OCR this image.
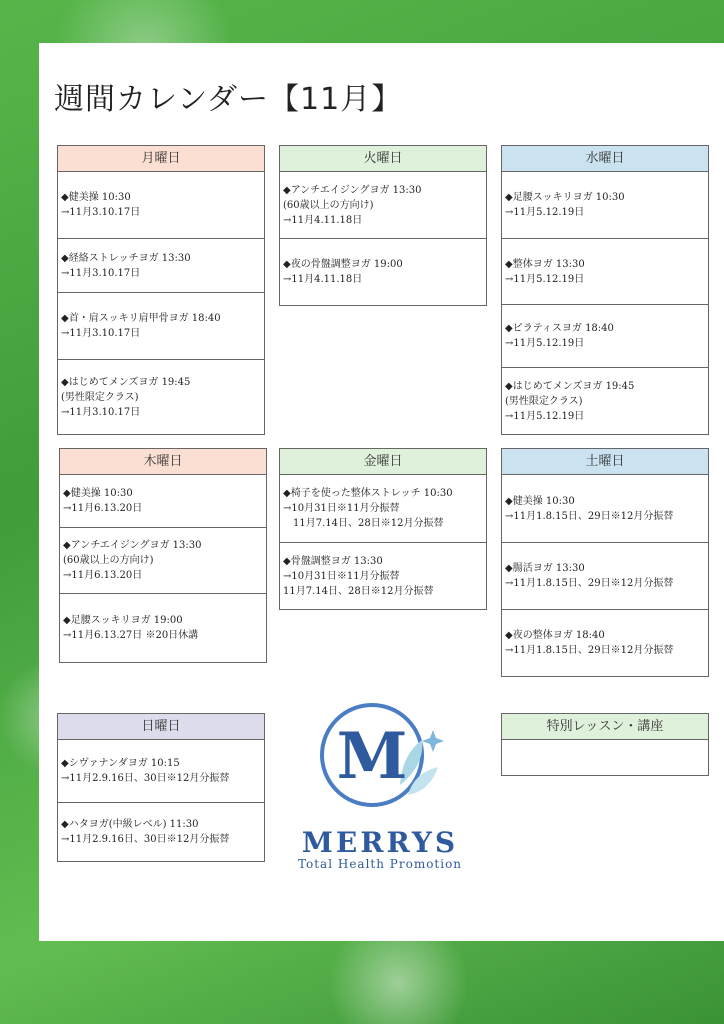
週間カレンダー【11月】
月曜日
◆健美操 10:30
→11月3.10.17日
◆経絡ストレッチヨガ 13:30
→11月3.10.17日
◆首・肩スッキリ肩甲骨ヨガ 18:40
→11月3.10.17日
◆はじめてメンズヨガ 19:45
(男性限定クラス)
→11月3.10.17日
火曜日
◆アンチエイジングヨガ 13:30
(60歳以上の方向け)
→11月4.11.18日
◆夜の骨盤調整ヨガ 19:00
→11月4.11.18日
水曜日
◆足腰スッキリヨガ 10:30
→11月5.12.19日
◆整体ヨガ 13:30
→11月5.12.19日
◆ピラティスヨガ 18:40
→11月5.12.19日
◆はじめてメンズヨガ 19:45
(男性限定クラス)
→11月5.12.19日
木曜日
◆健美操 10:30
→11月6.13.20日
◆アンチエイジングヨガ 13:30
(60歳以上の方向け)
→11月6.13.20日
◆足腰スッキリヨガ 19:00
→11月6.13.27日 ※20日休講
金曜日
◆椅子を使った整体ストレッチ 10:30
→10月31日※11月分振替
　11月7.14日、28日※12月分振替
◆骨盤調整ヨガ 13:30
→10月31日※11月分振替
11月7.14日、28日※12月分振替
土曜日
◆健美操 10:30
→11月1.8.15日、29日※12月分振替
◆腸活ヨガ 13:30
→11月1.8.15日、29日※12月分振替
◆夜の整体ヨガ 18:40
→11月1.8.15日、29日※12月分振替
日曜日
◆シヴァナンダヨガ 10:15
→11月2.9.16日、30日※12月分振替
◆ハタヨガ(中級レベル) 11:30
→11月2.9.16日、30日※12月分振替
特別レッスン・講座
M
MERRYS
Total Health Promotion
